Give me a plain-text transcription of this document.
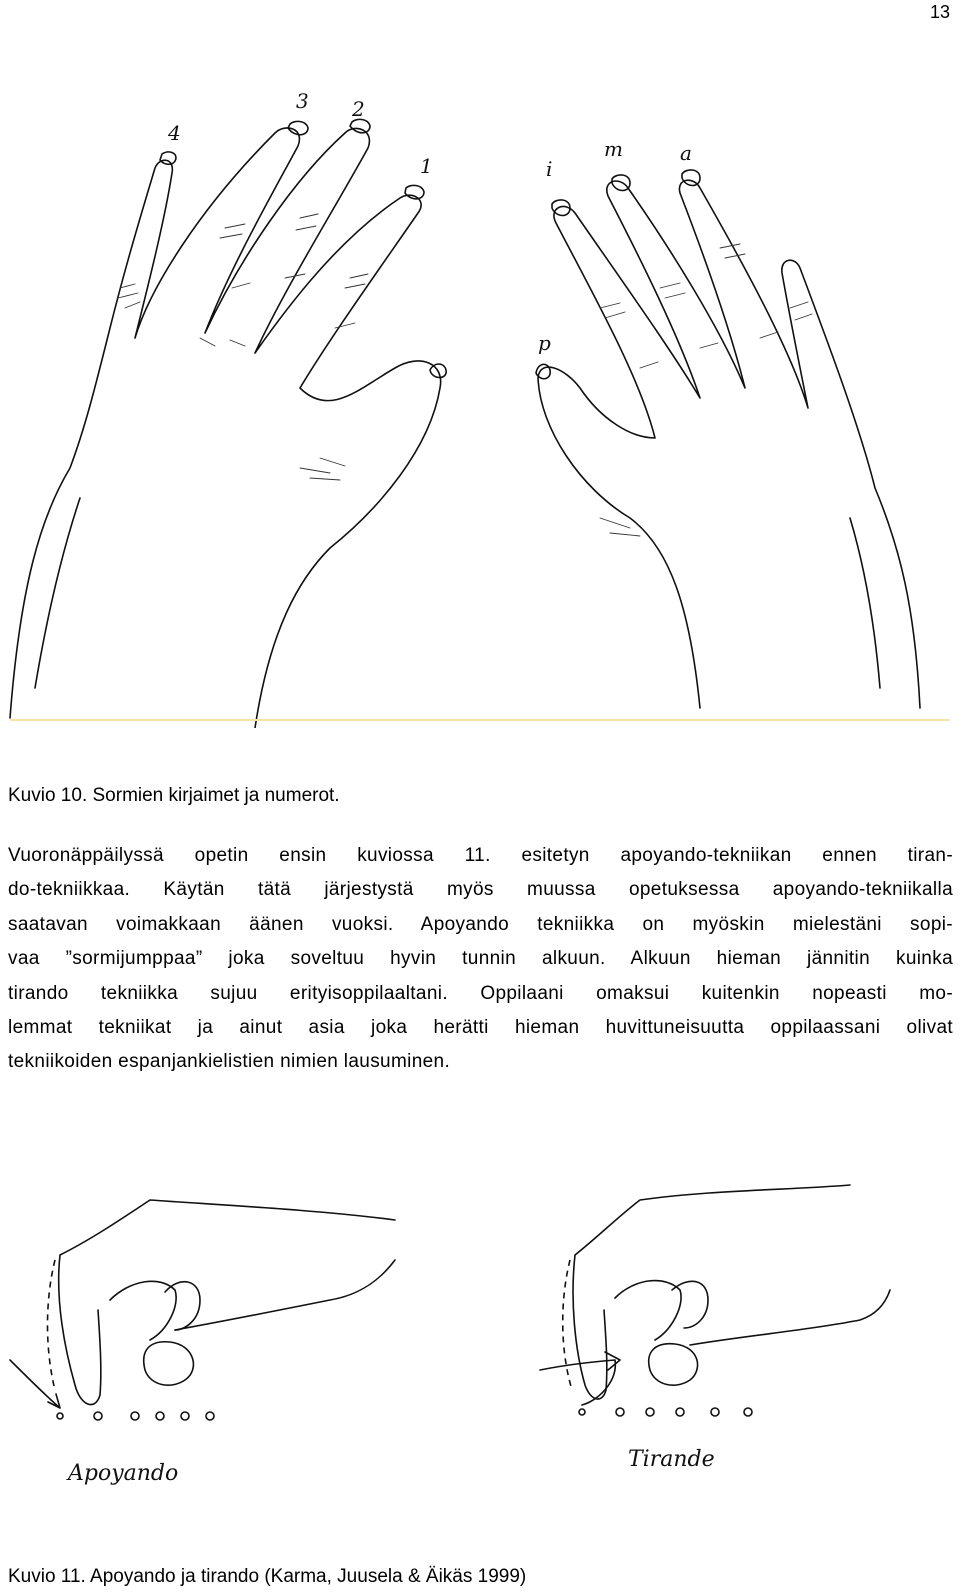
13
4
3 2
1	i
m	a
p
Kuvio 10. Sormien kirjaimet ja numerot.
Vuoronäppäilyssä opetin ensin kuviossa 11. esitetyn apoyando-tekniikan ennen tiran-
do-tekniikkaa. Käytän tätä järjestystä myös muussa opetuksessa apoyando-tekniikalla
saatavan voimakkaan äänen vuoksi. Apoyando tekniikka on myöskin mielestäni sopi-
vaa ”sormijumppaa” joka soveltuu hyvin tunnin alkuun. Alkuun hieman jännitin kuinka
tirando tekniikka sujuu erityisoppilaaltani. Oppilaani omaksui kuitenkin nopeasti mo-
lemmat tekniikat ja ainut asia joka herätti hieman huvittuneisuutta oppilaassani olivat
tekniikoiden espanjankielistien nimien lausuminen.
Apoyando
Tirande
Kuvio 11. Apoyando ja tirando (Karma, Juusela & Äikäs 1999)
